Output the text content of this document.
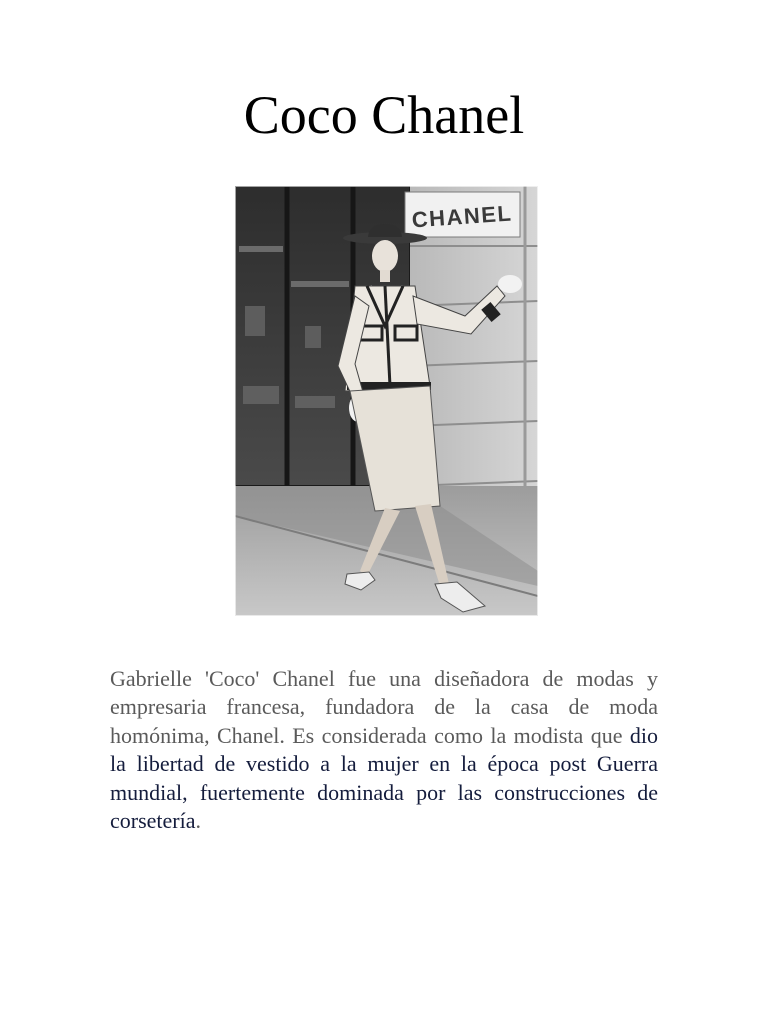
Coco Chanel
CHANEL

Gabrielle 'Coco' Chanel fue una diseñadora de modas y empresaria francesa, fundadora de la casa de moda homónima, Chanel. Es considerada como la modista que dio la libertad de vestido a la mujer en la época post Guerra mundial, fuertemente dominada por las construcciones de corsetería.
